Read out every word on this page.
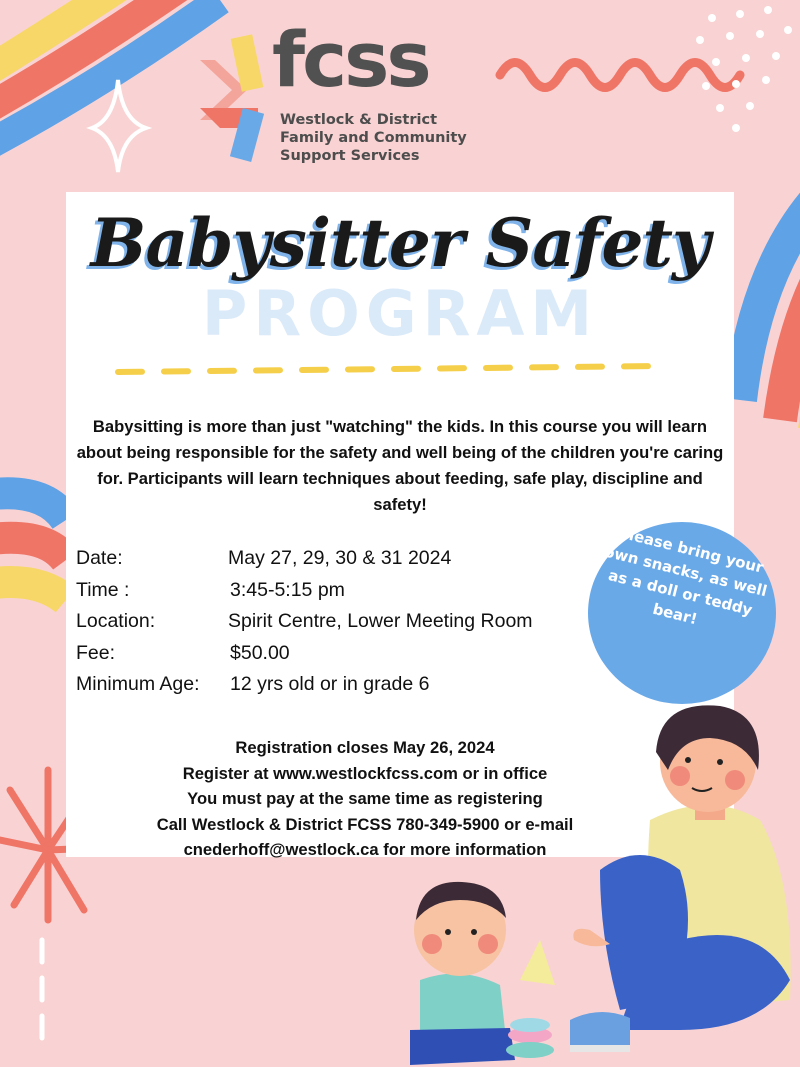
fcss
Westlock & District
Family and Community
Support Services
PROGRAM
Babysitter Safety
Babysitting is more than just "watching" the kids. In this course you will learn about being responsible for the safety and well being of the children you're caring for. Participants will learn techniques about feeding, safe play, discipline and safety!
Date:	May 27, 29, 30 & 31 2024
Time :	3:45-5:15 pm
Location:	Spirit Centre, Lower Meeting Room
Fee:	$50.00
Minimum Age: 12 yrs old or in grade 6
Please bring your own snacks, as well as a doll or teddy bear!
Registration closes May 26, 2024
Register at www.westlockfcss.com or in office
You must pay at the same time as registering
Call Westlock & District FCSS 780-349-5900 or e-mail
cnederhoff@westlock.ca for more information
